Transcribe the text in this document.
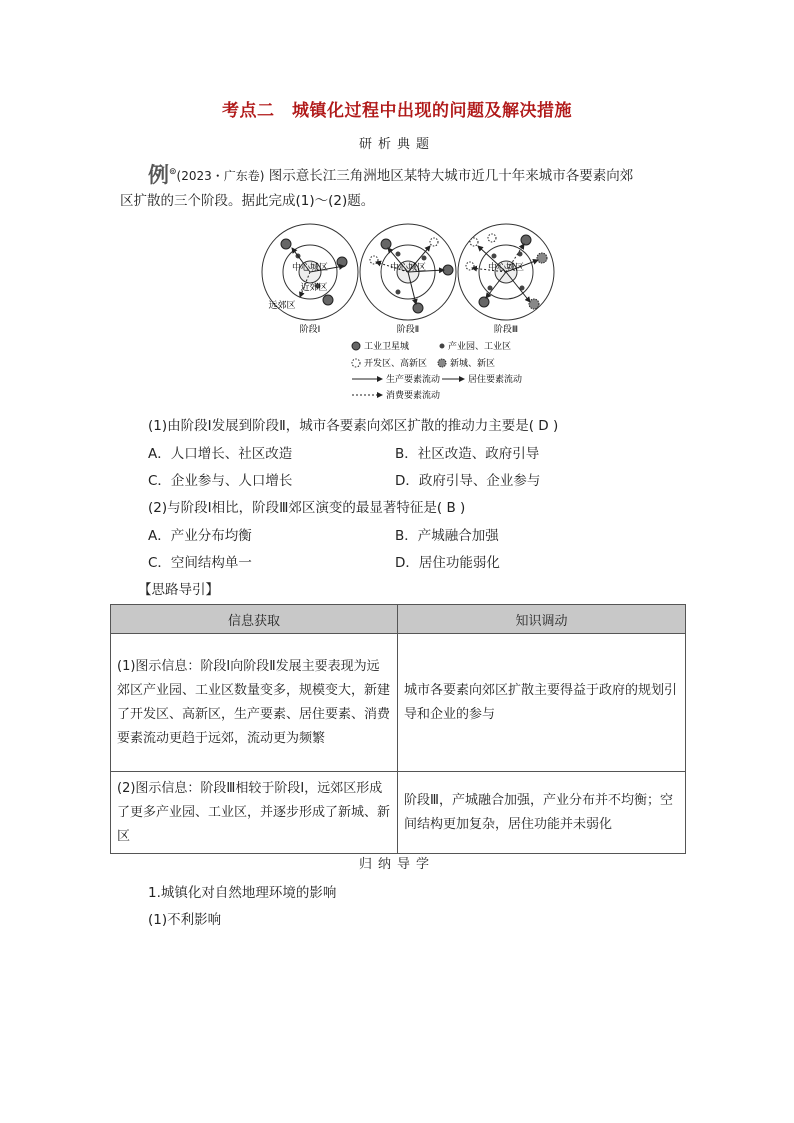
考点二　城镇化过程中出现的问题及解决措施
研析典题
例⊚(2023・广东卷) 图示意长江三角洲地区某特大城市近几十年来城市各要素向郊
区扩散的三个阶段。据此完成(1)～(2)题。
中心城区
近郊区
远郊区
阶段Ⅰ
中心城区
阶段Ⅱ
中心城区
阶段Ⅲ
工业卫星城	产业园、工业区
开发区、高新区	新城、新区
生产要素流动	居住要素流动
消费要素流动
(1)由阶段Ⅰ发展到阶段Ⅱ，城市各要素向郊区扩散的推动力主要是( D )
A．人口增长、社区改造	B．社区改造、政府引导
C．企业参与、人口增长	D．政府引导、企业参与
(2)与阶段Ⅰ相比，阶段Ⅲ郊区演变的最显著特征是( B )
A．产业分布均衡	B．产城融合加强
C．空间结构单一	D．居住功能弱化
【思路导引】
信息获取	知识调动
(1)图示信息：阶段Ⅰ向阶段Ⅱ发展主要表现为远郊区产业园、工业区数量变多，规模变大，新建了开发区、高新区，生产要素、居住要素、消费要素流动更趋于远郊，流动更为频繁	城市各要素向郊区扩散主要得益于政府的规划引导和企业的参与
(2)图示信息：阶段Ⅲ相较于阶段Ⅰ，远郊区形成了更多产业园、工业区，并逐步形成了新城、新区	阶段Ⅲ，产城融合加强，产业分布并不均衡；空间结构更加复杂，居住功能并未弱化
归纳导学
1.城镇化对自然地理环境的影响
(1)不利影响
